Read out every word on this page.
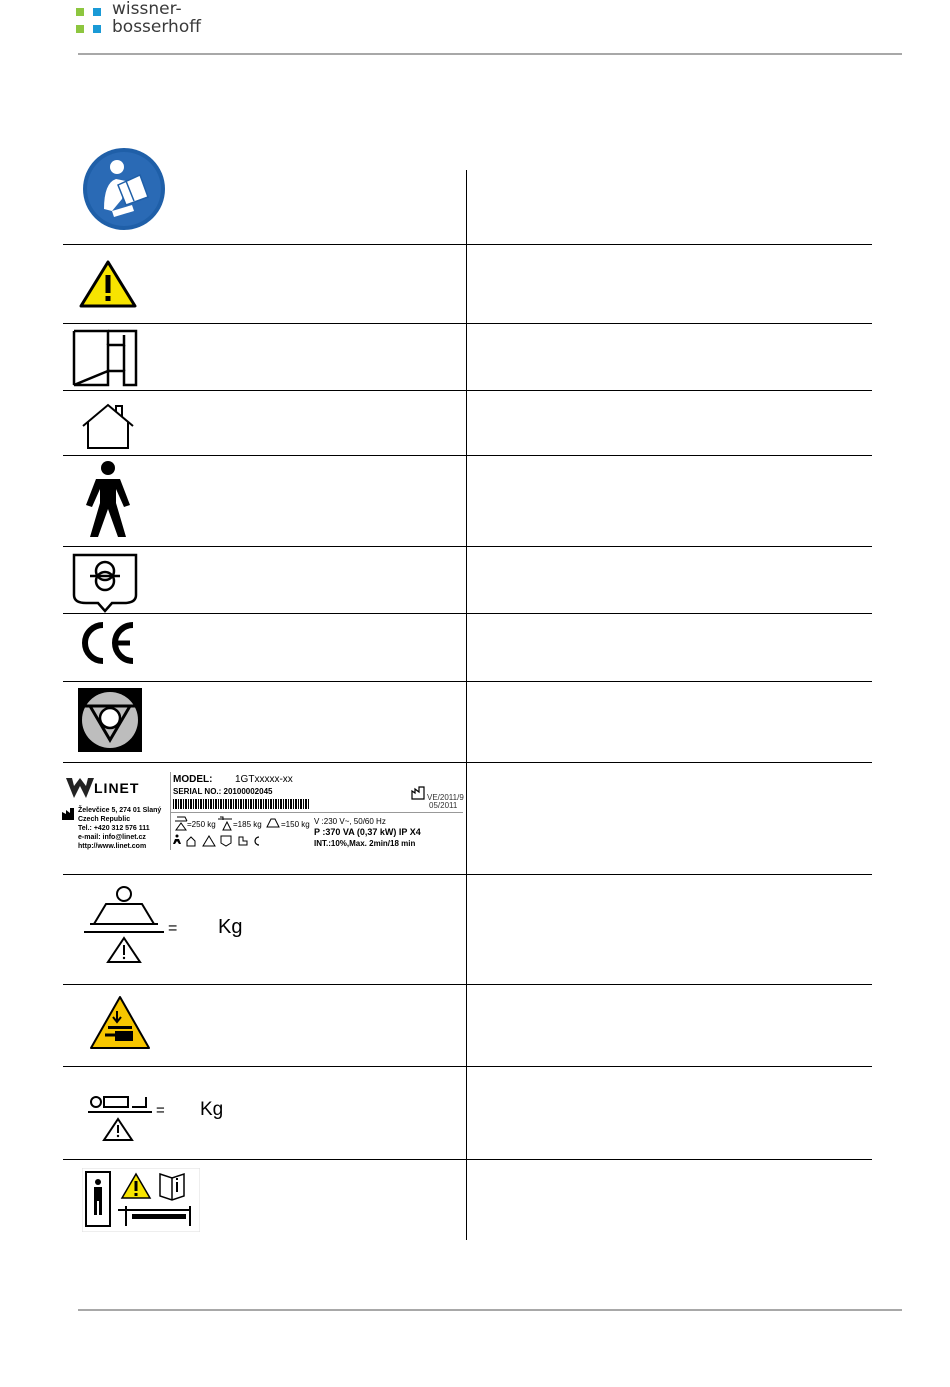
wissner-
bosserhoff
LINET
Želevčice 5, 274 01 Slaný
Czech Republic
Tel.: +420 312 576 111
e-mail: info@linet.cz
http://www.linet.com
MODEL: 1GTxxxxx-xx
SERIAL NO.: 20100002045
VE/2011/9
05/2011
=250 kg =185 kg =150 kg V :230 V~, 50/60 Hz
P :370 VA (0,37 kW) IP X4
INT.:10%,Max. 2min/18 min
= Kg
= Kg
